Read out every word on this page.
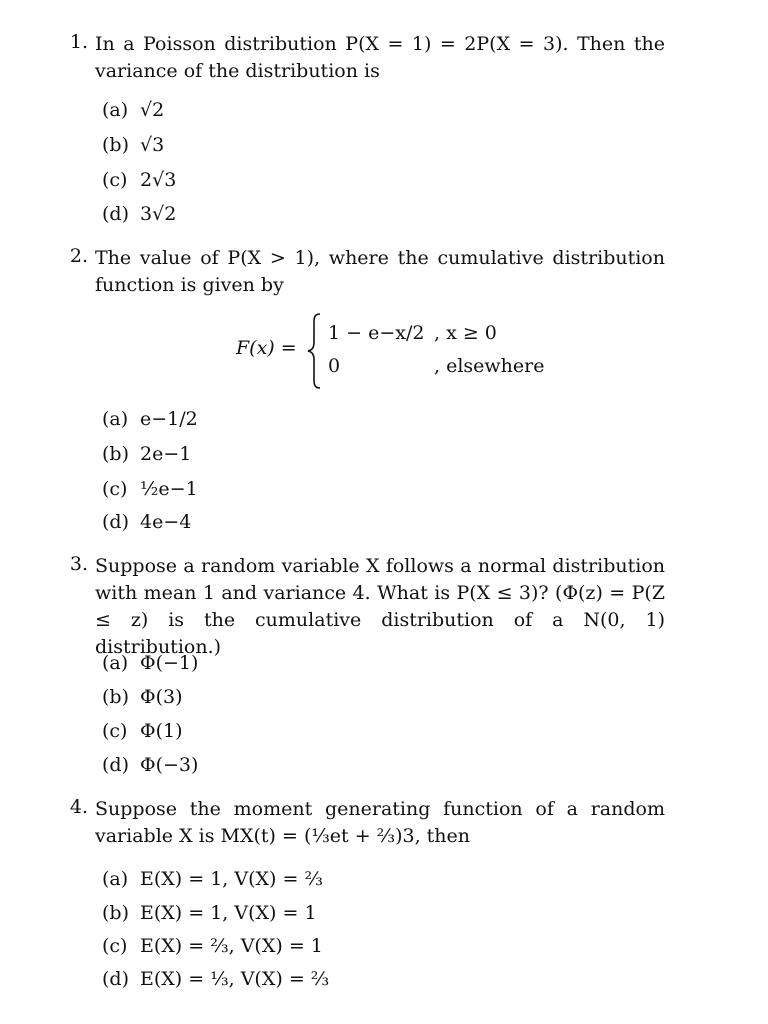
1. In a Poisson distribution P(X = 1) = 2P(X = 3). Then the variance of the distribution is
(a) √2
(b) √3
(c) 2√3
(d) 3√2
2. The value of P(X > 1), where the cumulative distribution function is given by
F(x) =
1 − e−x/2 , x ≥ 0
0	, elsewhere
(a) e−1/2
(b) 2e−1
(c) ½e−1
(d) 4e−4
3. Suppose a random variable X follows a normal distribution with mean 1 and variance 4. What is P(X ≤ 3)? (Φ(z) = P(Z ≤ z) is the cumulative distribution of a N(0, 1) distribution.)
(a) Φ(−1)
(b) Φ(3)
(c) Φ(1)
(d) Φ(−3)
4. Suppose the moment generating function of a random variable X is MX(t) = (⅓et + ⅔)3, then
(a) E(X) = 1, V(X) = ⅔
(b) E(X) = 1, V(X) = 1
(c) E(X) = ⅔, V(X) = 1
(d) E(X) = ⅓, V(X) = ⅔
